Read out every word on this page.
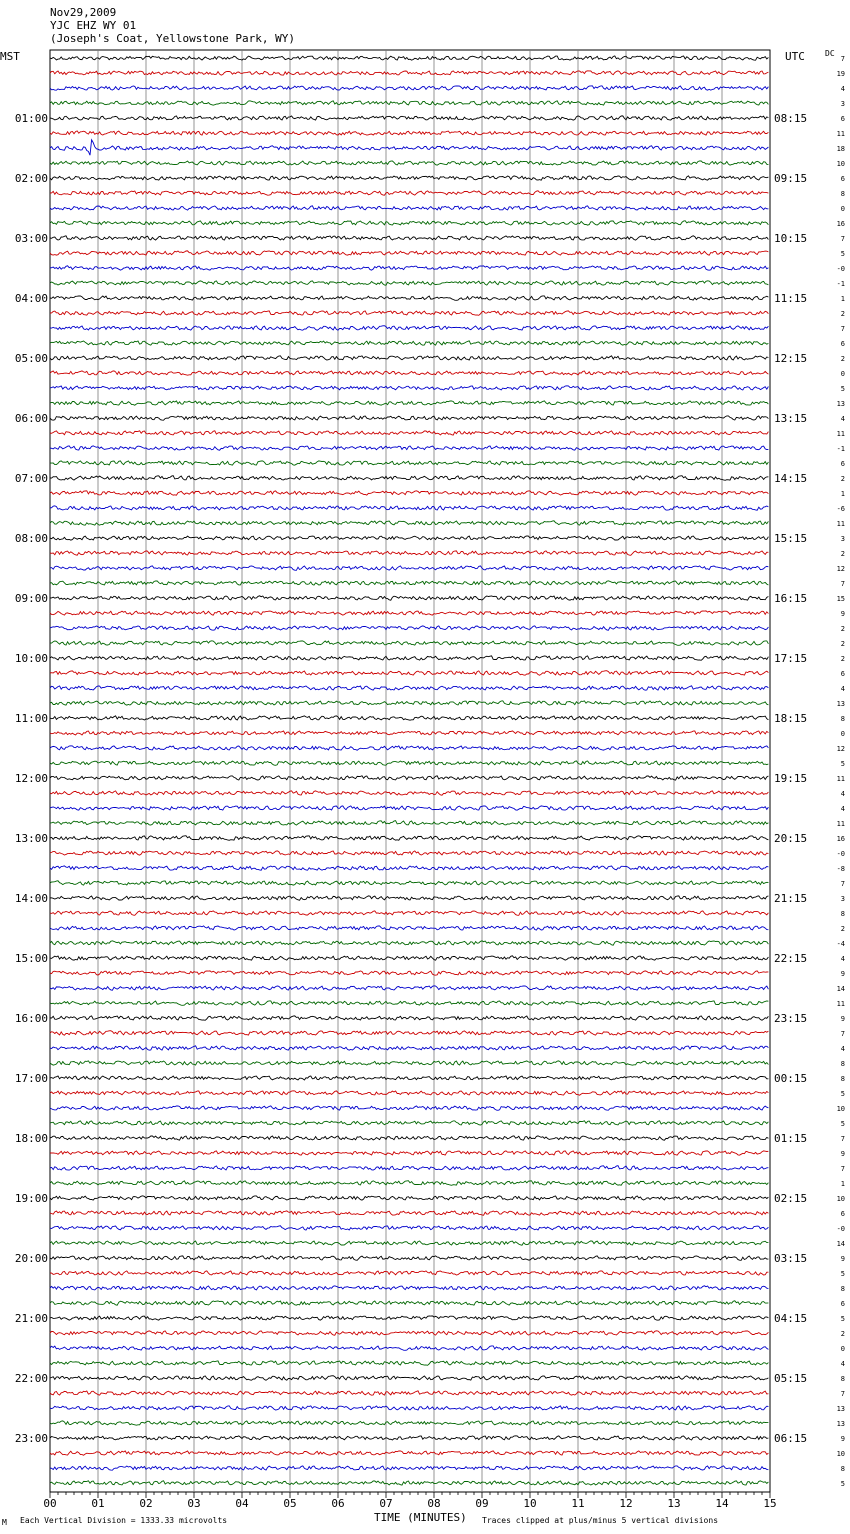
Nov29,2009
YJC EHZ WY 01
(Joseph's Coat, Yellowstone Park, WY)
MST	UTC	DC
01:00
02:00
03:00
04:00
05:00
06:00
07:00
08:00
09:00
10:00
11:00
12:00
13:00
14:00
15:00
16:00
17:00
18:00
19:00
20:00
21:00
22:00
23:00
08:15
09:15
10:15
11:15
12:15
13:15
14:15
15:15
16:15
17:15
18:15
19:15
20:15
21:15
22:15
23:15
00:15
01:15
02:15
03:15
04:15
05:15
06:15
7
19
4
3
6
11
18
10
6
8
0
16
7
5
-0
-1
1
2
7
6
2
0
5
13
4
11
-1
6
2
1
-6
11
3
2
12
7
15
9
2
2
2
6
4
13
8
0
12
5
11
4
4
11
16
-0
-8
7
3
8
2
-4
4
9
14
11
9
7
4
8
8
5
10
5
7
9
7
1
10
6
-0
14
9
5
8
6
5
2
0
4
8
7
13
13
9
10
8
5
00	01	02	03	04	05	06	07	08	09	10	11	12	13	14	15
TIME (MINUTES)
Each Vertical Division = 1333.33 microvolts	Traces clipped at plus/minus 5 vertical divisions
M
